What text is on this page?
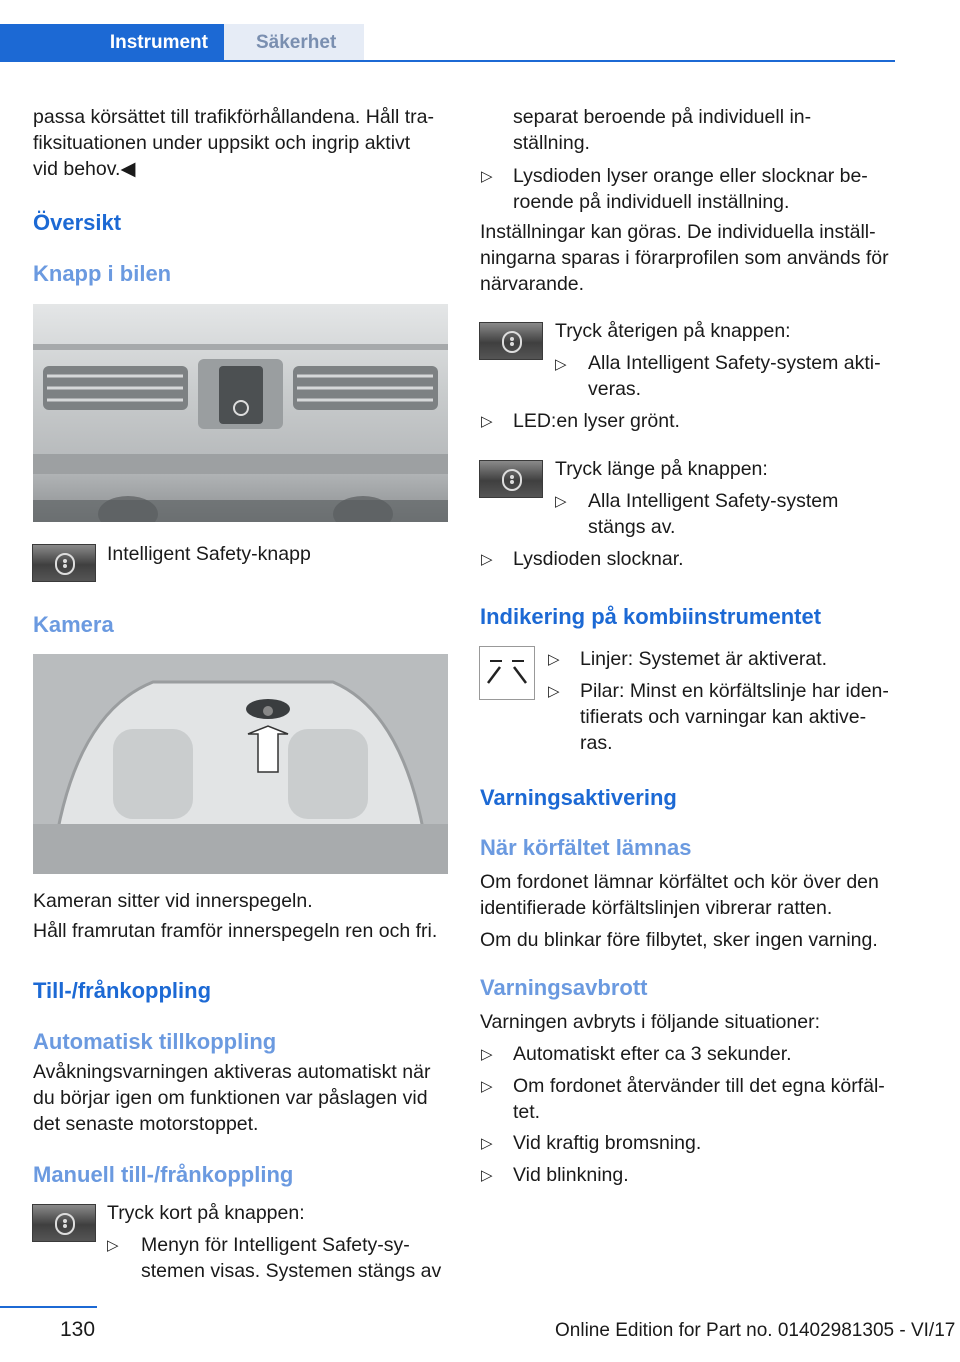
Instrument	Säkerhet
passa körsättet till trafikförhållandena. Håll tra‐
fiksituationen under uppsikt och ingrip aktivt
vid behov.◀
Översikt
Knapp i bilen
Intelligent Safety-knapp
Kamera
Kameran sitter vid innerspegeln.
Håll framrutan framför innerspegeln ren och fri.
Till-/frånkoppling
Automatisk tillkoppling
Avåkningsvarningen aktiveras automatiskt när
du börjar igen om funktionen var påslagen vid
det senaste motorstoppet.
Manuell till-/frånkoppling
Tryck kort på knappen:
▷ Menyn för Intelligent Safety-sy‐
stemen visas. Systemen stängs av
separat beroende på individuell in‐
ställning.
▷ Lysdioden lyser orange eller slocknar be‐
roende på individuell inställning.
Inställningar kan göras. De individuella inställ‐
ningarna sparas i förarprofilen som används för
närvarande.
Tryck återigen på knappen:
▷ Alla Intelligent Safety-system akti‐
veras.
▷ LED:en lyser grönt.
Tryck länge på knappen:
▷ Alla Intelligent Safety-system
stängs av.
▷ Lysdioden slocknar.
Indikering på kombiinstrumentet
▷ Linjer: Systemet är aktiverat.
▷ Pilar: Minst en körfältslinje har iden‐
tifierats och varningar kan aktive‐
ras.
Varningsaktivering
När körfältet lämnas
Om fordonet lämnar körfältet och kör över den
identifierade körfältslinjen vibrerar ratten.
Om du blinkar före filbytet, sker ingen varning.
Varningsavbrott
Varningen avbryts i följande situationer:
▷ Automatiskt efter ca 3 sekunder.
▷ Om fordonet återvänder till det egna körfäl‐
tet.
▷ Vid kraftig bromsning.
▷ Vid blinkning.
130	Online Edition for Part no. 01402981305 - VI/17
